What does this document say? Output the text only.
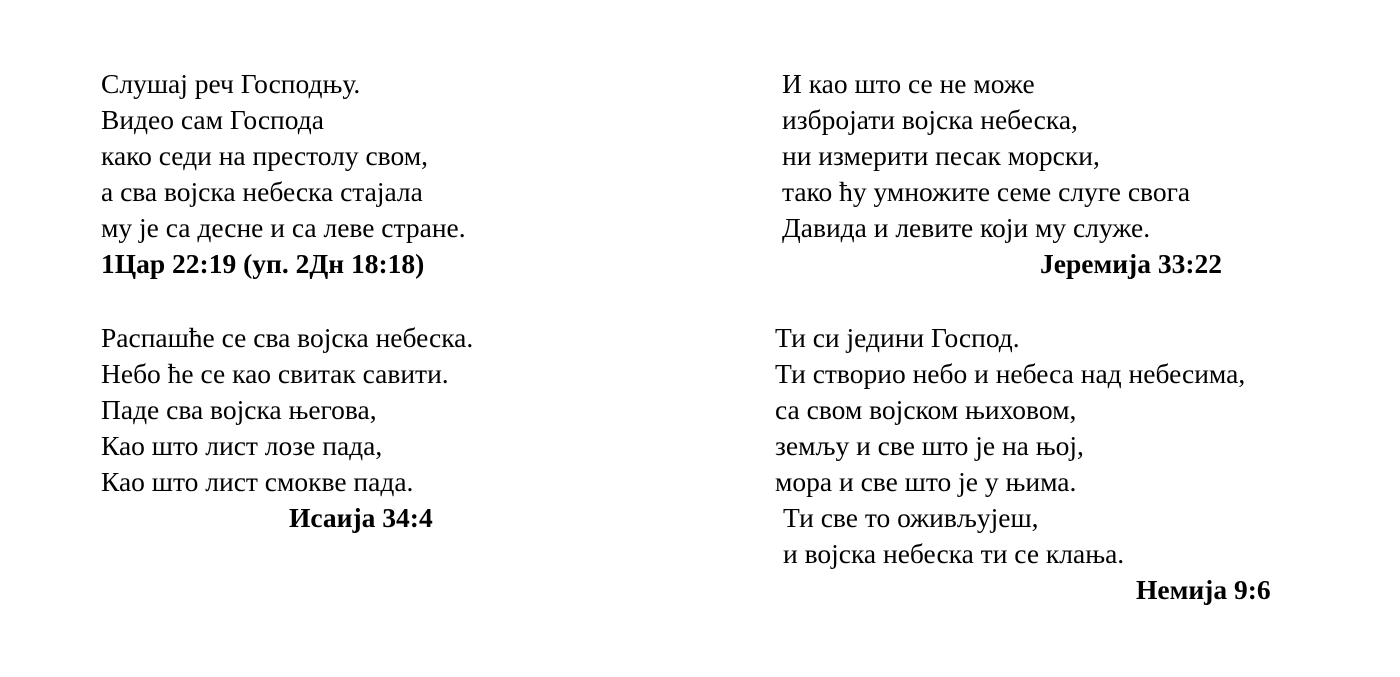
Слушај реч Господњу.
Видео сам Господа
како седи на престолу свом,
а сва војска небеска стајала
му је са десне и са леве стране.
1Цар 22:19 (уп. 2Дн 18:18)
Распашће се сва војска небеска.
Небо ће се као свитак савити.
Паде сва војска његова,
Као што лист лозе пада,
Као што лист смокве пада.
Исаија 34:4
И као што се не може
избројати војска небеска,
ни измерити песак морски,
тако ћу умножите семе слуге свога
Давида и левите који му служе.
Јеремија 33:22
Ти си једини Господ.
Ти створио небо и небеса над небесима,
са свом војском њиховом,
земљу и све што је на њој,
мора и све што је у њима.
Ти све то оживљујеш,
и војска небеска ти се клања.
Немија 9:6
